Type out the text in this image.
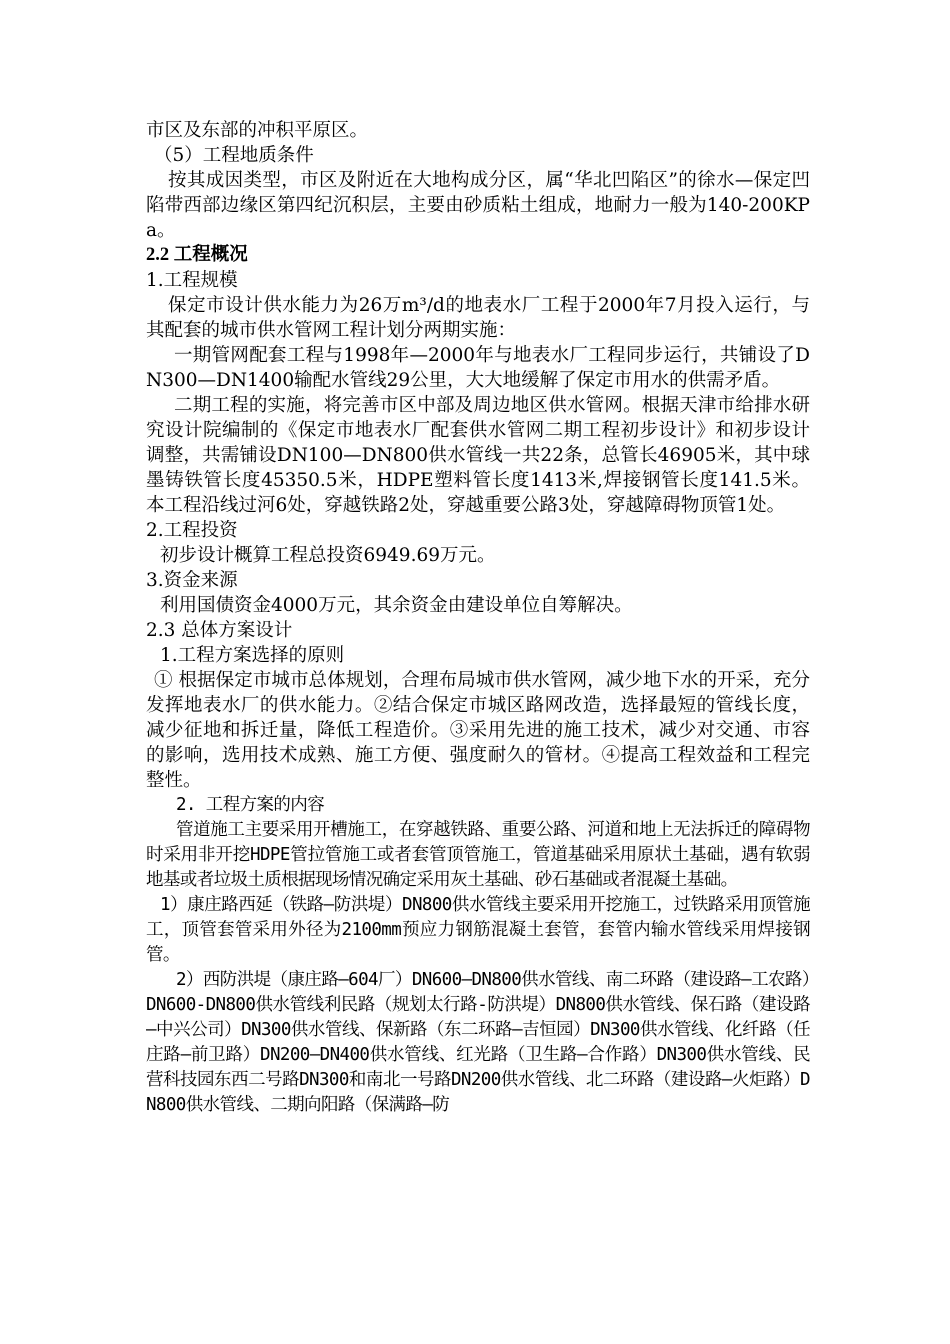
市区及东部的冲积平原区。

（5）工程地质条件

按其成因类型，市区及附近在大地构成分区，属“华北凹陷区”的徐水—保定凹陷带西部边缘区第四纪沉积层，主要由砂质粘土组成，地耐力一般为140-200KPa。

2.2 工程概况

1.工程规模

保定市设计供水能力为26万m³/d的地表水厂工程于2000年7月投入运行，与其配套的城市供水管网工程计划分两期实施：

一期管网配套工程与1998年—2000年与地表水厂工程同步运行，共铺设了DN300—DN1400输配水管线29公里，大大地缓解了保定市用水的供需矛盾。

二期工程的实施，将完善市区中部及周边地区供水管网。根据天津市给排水研究设计院编制的《保定市地表水厂配套供水管网二期工程初步设计》和初步设计调整，共需铺设DN100—DN800供水管线一共22条，总管长46905米，其中球墨铸铁管长度45350.5米，HDPE塑料管长度1413米,焊接钢管长度141.5米。本工程沿线过河6处，穿越铁路2处，穿越重要公路3处，穿越障碍物顶管1处。

2.工程投资

初步设计概算工程总投资6949.69万元。

3.资金来源

利用国债资金4000万元，其余资金由建设单位自筹解决。

2.3 总体方案设计

1.工程方案选择的原则

① 根据保定市城市总体规划，合理布局城市供水管网，减少地下水的开采，充分发挥地表水厂的供水能力。②结合保定市城区路网改造，选择最短的管线长度，减少征地和拆迁量，降低工程造价。③采用先进的施工技术，减少对交通、市容的影响，选用技术成熟、施工方便、强度耐久的管材。④提高工程效益和工程完整性。

2. 工程方案的内容

管道施工主要采用开槽施工，在穿越铁路、重要公路、河道和地上无法拆迁的障碍物时采用非开挖HDPE管拉管施工或者套管顶管施工，管道基础采用原状土基础，遇有软弱地基或者垃圾土质根据现场情况确定采用灰土基础、砂石基础或者混凝土基础。

1）康庄路西延（铁路—防洪堤）DN800供水管线主要采用开挖施工，过铁路采用顶管施工，顶管套管采用外径为2100mm预应力钢筋混凝土套管，套管内输水管线采用焊接钢管。

2）西防洪堤（康庄路—604厂）DN600—DN800供水管线、南二环路（建设路—工农路）DN600-DN800供水管线利民路（规划太行路-防洪堤）DN800供水管线、保石路（建设路—中兴公司）DN300供水管线、保新路（东二环路—吉恒园）DN300供水管线、化纤路（任庄路—前卫路）DN200—DN400供水管线、红光路（卫生路—合作路）DN300供水管线、民营科技园东西二号路DN300和南北一号路DN200供水管线、北二环路（建设路—火炬路）DN800供水管线、二期向阳路（保满路—防
